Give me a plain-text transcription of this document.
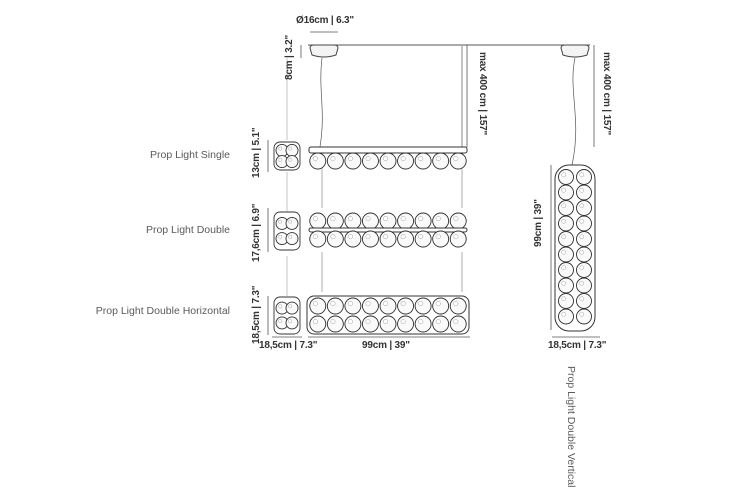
Prop Light Single
Prop Light Double
Prop Light Double Horizontal
Prop Light Double Vertical
Ø16cm | 6.3"
8cm | 3.2"	max 400 cm | 157"	max 400 cm | 157"
13cm | 5.1"
17,6cm | 6.9"
18,5cm | 7.3"
18,5cm | 7.3"	99cm | 39"
99cm | 39"
18,5cm | 7.3"
